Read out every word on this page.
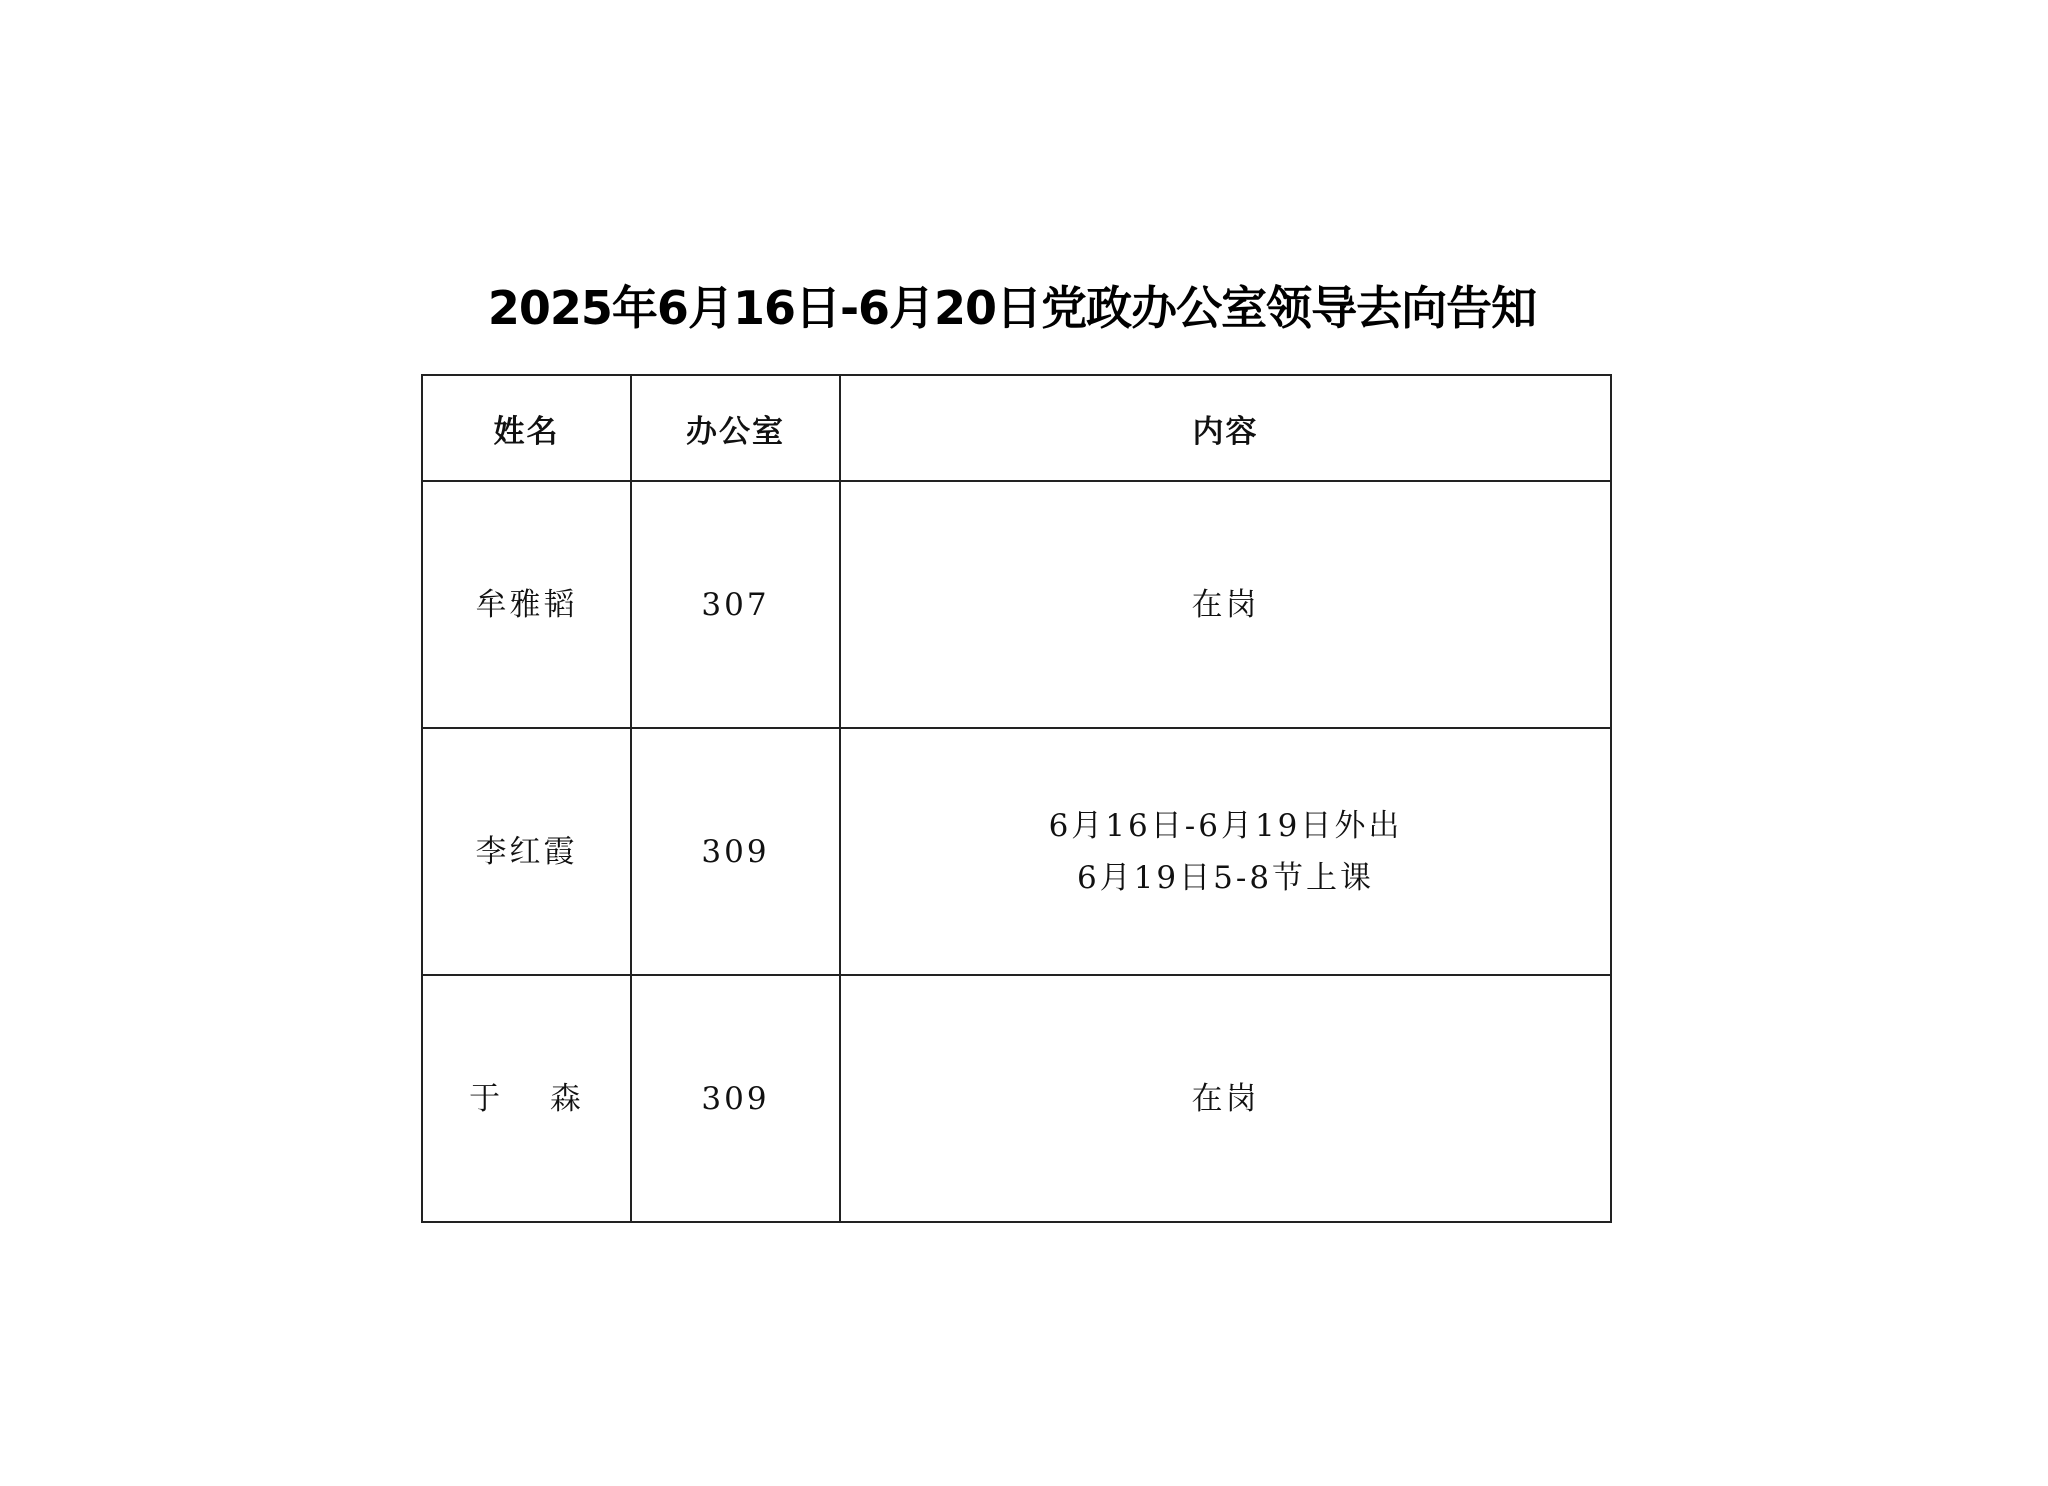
2025年6月16日-6月20日党政办公室领导去向告知
姓名	办公室	内容
牟雅韬	307	在岗

李红霞	309	6月16日-6月19日外出
6月19日5-8节上课

于　 森	309	在岗
